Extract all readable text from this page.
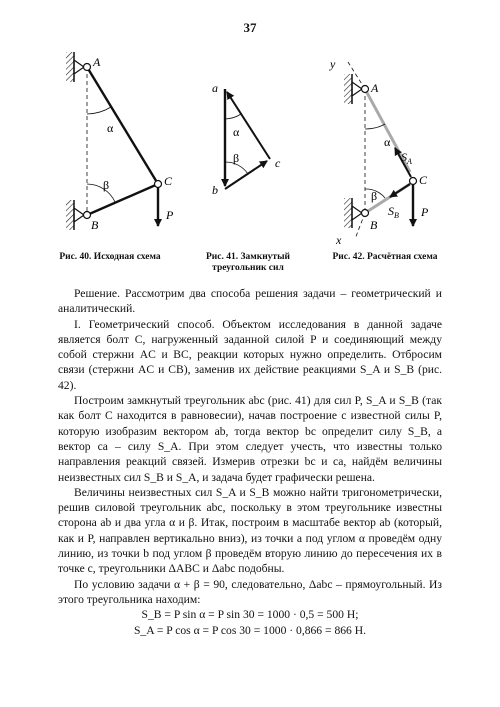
37
A
B
C
P
α
β
a
b
c
α
β
y
x
A
B
C
P
α
β
$S_A$
$S_B$
Рис. 40. Исходная схема	Рис. 41. Замкнутый
треугольник сил
Рис. 42. Расчётная схема

Решение. Рассмотрим два способа решения задачи – геометрический и аналитический.

I. Геометрический способ. Объектом исследования в данной задаче является болт C, нагруженный заданной силой P и соединяющий между собой стержни AC и BC, реакции которых нужно определить. Отбросим связи (стержни AC и CB), заменив их действие реакциями S_A и S_B (рис. 42).

Построим замкнутый треугольник abc (рис. 41) для сил P, S_A и S_B (так как болт C находится в равновесии), начав построение с известной силы P, которую изобразим вектором ab, тогда вектор bc определит силу S_B, а вектор ca – силу S_A. При этом следует учесть, что известны только направления реакций связей. Измерив отрезки bc и ca, найдём величины неизвестных сил S_B и S_A, и задача будет графически решена.

Величины неизвестных сил S_A и S_B можно найти тригонометрически, решив силовой треугольник abc, поскольку в этом треугольнике известны сторона ab и два угла α и β. Итак, построим в масштабе вектор ab (который, как и P, направлен вертикально вниз), из точки a под углом α проведём одну линию, из точки b под углом β проведём вторую линию до пересечения их в точке c, треугольники ΔABC и Δabc подобны.

По условию задачи α + β = 90, следовательно, Δabc – прямоугольный. Из этого треугольника находим:

S_B = P sin α = P sin 30 = 1000 · 0,5 = 500 Н;

S_A = P cos α = P cos 30 = 1000 · 0,866 = 866 Н.
